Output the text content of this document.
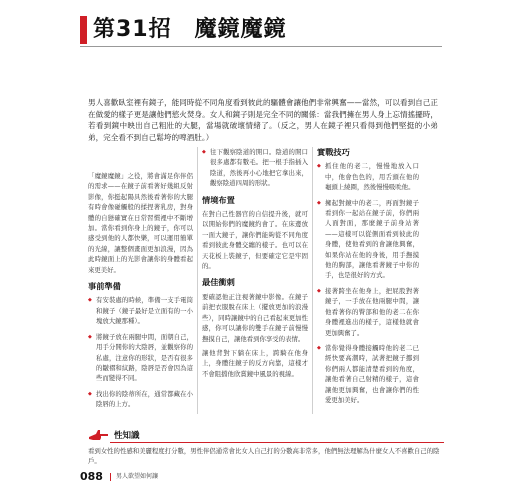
第31招　魔鏡魔鏡
男人喜歡臥室裡有鏡子，能同時從不同角度看到彼此的驅體會讓他們非常興奮——當然，可以看到自己正在做愛的樣子更是讓他們慾火焚身。女人和鏡子則是完全不同的關係：當我們擁在男人身上忘情搖擺時，若看到鏡中映出自己粗壯的大腿，當場就破壞情緒了。（反之，男人在鏡子裡只看得到他們堅挺的小弟弟，完全看不到自己鬆垮的啤酒肚。）

「魔鏡魔鏡」之役，將會滿足你伴侶的需求——在鏡子前看著好幾組反射影像，你挺起陽具然後看著你的大腿有時會像碰觸般的揉捏著乳房，對身體的自戀確實在日常習慣裡中不斷增加。當你看到你身上的鏡子，你可以感受到他的人都快樂，可以運用簡單的光線，讓整個畫面更加浪漫，因為此時鏡面上的光影會讓你的身體看起來更美好。

事前準備
◆ 有安裝處的時候，準備一支手電筒和鏡子（鏡子最好是立面有的一小塊放大鏡那種）。
◆ 將鏡子放在兩腿中間，面朝自己，用手分開你的大陰唇，並觀察你的私處，注意你的形狀，是否有很多的皺褶和紋路，陰唇是否會因為這些而變得不同。
◆ 找出你的陰蒂所在，通常都藏在小陰唇的上方。
◆ 往下觀察陰道的開口。陰道的開口很多處都有數毛。把一根手指插入陰道，然後再小心地把它拿出來，觀察陰道四周的形狀。
情境布置

在對自己性器官的自信提升後，就可以開始你們的魔鏡約會了。在床邊放一面大鏡子，讓你們能夠從不同角度看到彼此身體交纏的樣子。也可以在天花板上裝鏡子，但要確定它是牢固的。

最佳衝刺

要確認他正注視著鏡中影像。在鏡子前把衣服脫在床上（擺放更加的浪漫些），同時讓鏡中的自己看起來更加性感，你可以讓你的雙手在鏡子前慢慢撫摸自己，讓他看到你享受的表情。

讓他背對下躺在床上，跨騎在他身上，身體往鏡子的反方向靠，這樣才不會阻擋他欣賞鏡中風景的視線。

實戰技巧
◆ 抓住他的老二，慢慢地放入口中，他會色色的，用舌頭在他的龜頭上繞圈，然後慢慢吸吮他。
◆ 擁起對鏡中的老二，再面對鏡子看到你一起站在鏡子前，你們兩人面對面，那麼鏡子前身站著——這樣可以從側面看到彼此的身體，使他看到的會讓他興奮，如果你站在他的身後，用手撫摸他的胸部，讓他看著鏡子中你的手，也是很好的方式。
◆ 接著跨坐在他身上，把屁股對著鏡子，一手放在他兩腿中間，讓他看著你的臀部和他的老二在你身體裡進出的樣子，這樣他就會更加興奮了。
◆ 當你覺得身體接觸時他的老二已經快要高潮時，試著把鏡子挪到你們兩人都能清楚看到的角度，讓他看著自己射精的樣子，這會讓他更加興奮，也會讓你們的性愛更加美好。
性知識
看到女性的性感和美麗程度打分數，男性伴侶通常會比女人自己打的分數高非常多，他們無法理解為什麼女人不喜歡自己的陰戶。
088 男人欲望如何讓
